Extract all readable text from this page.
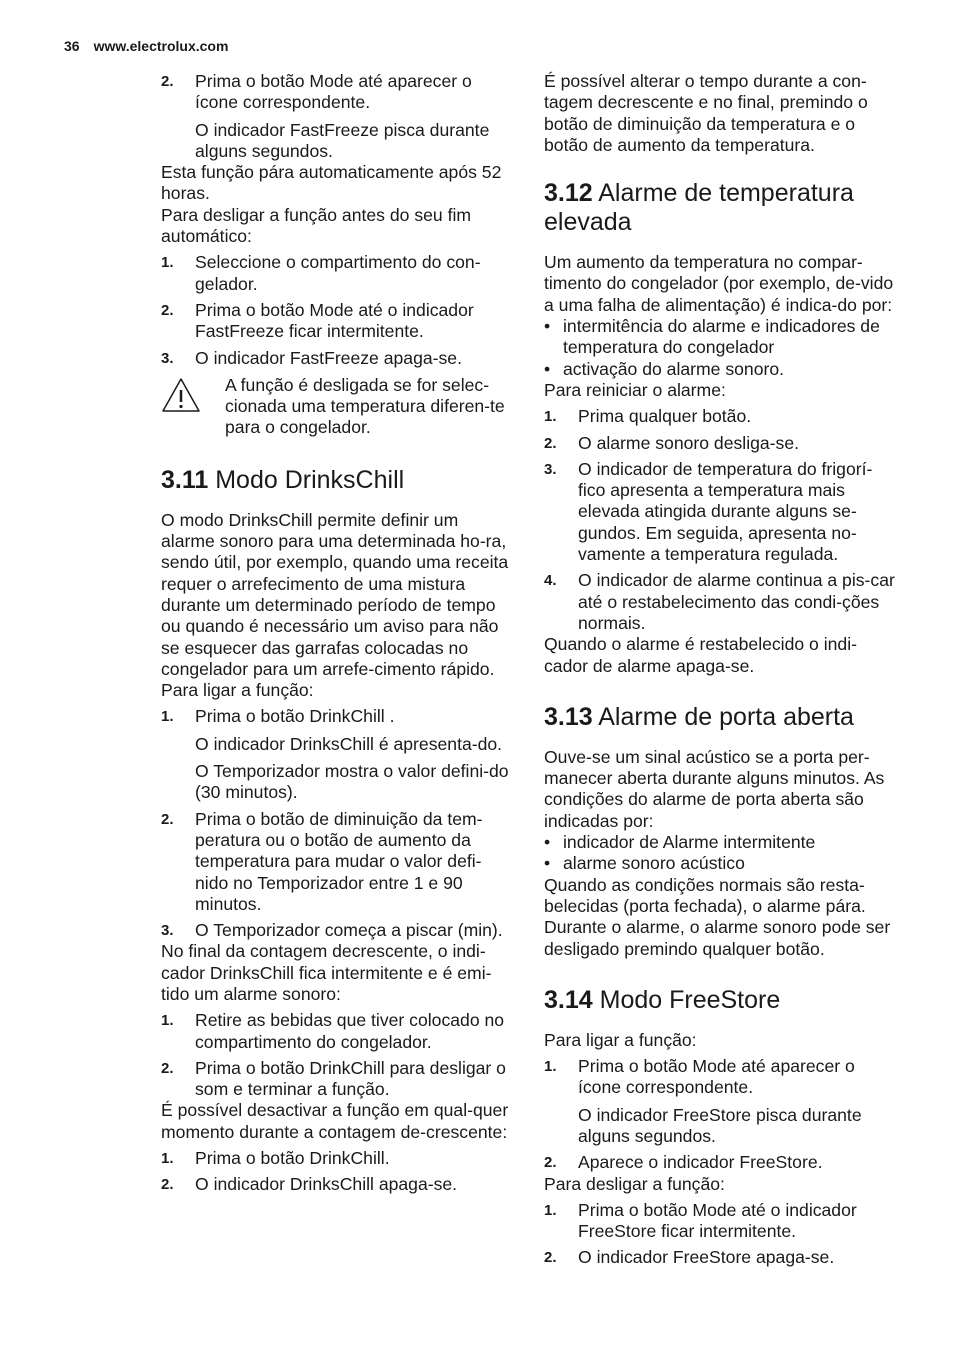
36 www.electrolux.com
2.	Prima o botão Mode até aparecer o ícone correspondente.

O indicador FastFreeze pisca durante alguns segundos.

Esta função pára automaticamente após 52 horas.

Para desligar a função antes do seu fim automático:

1.	Seleccione o compartimento do con-gelador.
2.	Prima o botão Mode até o indicador FastFreeze ficar intermitente.
3.	O indicador FastFreeze apaga-se.
A função é desligada se for selec-cionada uma temperatura diferen-te para o congelador.
3.11 Modo DrinksChill

O modo DrinksChill permite definir um alarme sonoro para uma determinada ho-ra, sendo útil, por exemplo, quando uma receita requer o arrefecimento de uma mistura durante um determinado período de tempo ou quando é necessário um aviso para não se esquecer das garrafas colocadas no congelador para um arrefe-cimento rápido.

Para ligar a função:

1.	Prima o botão DrinkChill .

O indicador DrinksChill é apresenta-do.

O Temporizador mostra o valor defini-do (30 minutos).

2.	Prima o botão de diminuição da tem-peratura ou o botão de aumento da temperatura para mudar o valor defi-nido no Temporizador entre 1 e 90 minutos.
3.	O Temporizador começa a piscar (min).

No final da contagem decrescente, o indi-cador DrinksChill fica intermitente e é emi-tido um alarme sonoro:

1.	Retire as bebidas que tiver colocado no compartimento do congelador.
2.	Prima o botão DrinkChill para desligar o som e terminar a função.

É possível desactivar a função em qual-quer momento durante a contagem de-crescente:

1.	Prima o botão DrinkChill.
2.	O indicador DrinksChill apaga-se.

É possível alterar o tempo durante a con-tagem decrescente e no final, premindo o botão de diminuição da temperatura e o botão de aumento da temperatura.

3.12 Alarme de temperatura elevada

Um aumento da temperatura no compar-timento do congelador (por exemplo, de-vido a uma falha de alimentação) é indica-do por:

• intermitência do alarme e indicadores de temperatura do congelador
• activação do alarme sonoro.

Para reiniciar o alarme:

1.	Prima qualquer botão.
2.	O alarme sonoro desliga-se.
3.	O indicador de temperatura do frigorí-fico apresenta a temperatura mais elevada atingida durante alguns se-gundos. Em seguida, apresenta no-vamente a temperatura regulada.
4.	O indicador de alarme continua a pis-car até o restabelecimento das condi-ções normais.

Quando o alarme é restabelecido o indi-cador de alarme apaga-se.

3.13 Alarme de porta aberta

Ouve-se um sinal acústico se a porta per-manecer aberta durante alguns minutos. As condições do alarme de porta aberta são indicadas por:

• indicador de Alarme intermitente
• alarme sonoro acústico

Quando as condições normais são resta-belecidas (porta fechada), o alarme pára. Durante o alarme, o alarme sonoro pode ser desligado premindo qualquer botão.

3.14 Modo FreeStore

Para ligar a função:

1.	Prima o botão Mode até aparecer o ícone correspondente.

O indicador FreeStore pisca durante alguns segundos.

2.	Aparece o indicador FreeStore.

Para desligar a função:

1.	Prima o botão Mode até o indicador FreeStore ficar intermitente.
2.	O indicador FreeStore apaga-se.
